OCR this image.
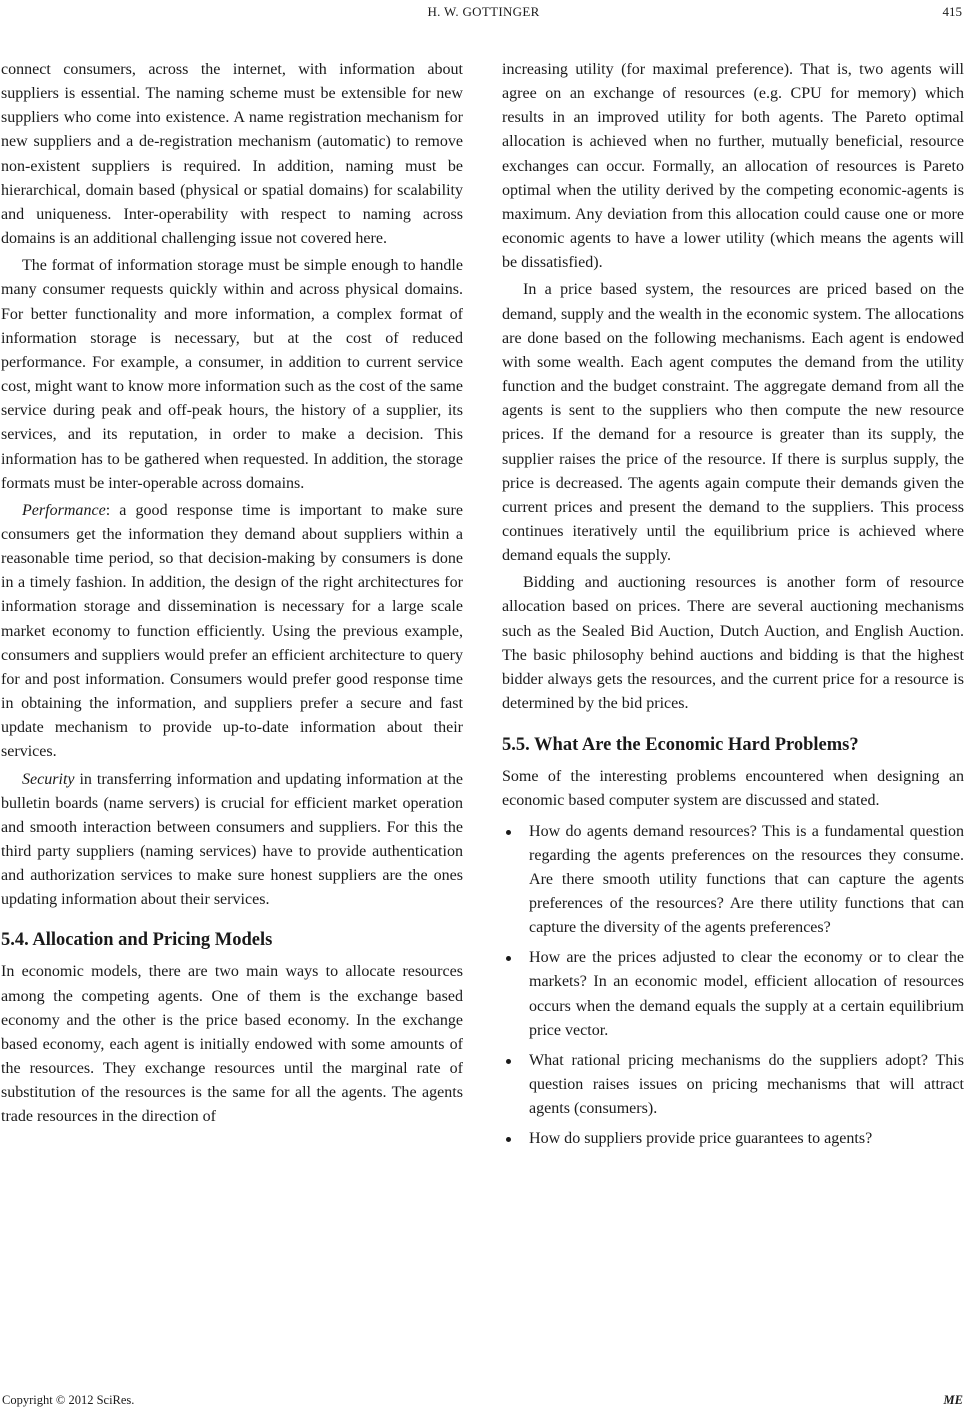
H. W. GOTTINGER	415

connect consumers, across the internet, with information about suppliers is essential. The naming scheme must be extensible for new suppliers who come into existence. A name registration mechanism for new suppliers and a de-registration mechanism (automatic) to remove non-existent suppliers is required. In addition, naming must be hierarchical, domain based (physical or spatial domains) for scalability and uniqueness. Inter-operability with respect to naming across domains is an additional challenging issue not covered here.

The format of information storage must be simple enough to handle many consumer requests quickly within and across physical domains. For better functionality and more information, a complex format of information storage is necessary, but at the cost of reduced performance. For example, a consumer, in addition to current service cost, might want to know more information such as the cost of the same service during peak and off-peak hours, the history of a supplier, its services, and its reputation, in order to make a decision. This information has to be gathered when requested. In addition, the storage formats must be inter-operable across domains.

Performance: a good response time is important to make sure consumers get the information they demand about suppliers within a reasonable time period, so that decision-making by consumers is done in a timely fashion. In addition, the design of the right architectures for information storage and dissemination is necessary for a large scale market economy to function efficiently. Using the previous example, consumers and suppliers would prefer an efficient architecture to query for and post information. Consumers would prefer good response time in obtaining the information, and suppliers prefer a secure and fast update mechanism to provide up-to-date information about their services.

Security in transferring information and updating information at the bulletin boards (name servers) is crucial for efficient market operation and smooth interaction between consumers and suppliers. For this the third party suppliers (naming services) have to provide authentication and authorization services to make sure honest suppliers are the ones updating information about their services.

5.4. Allocation and Pricing Models

In economic models, there are two main ways to allocate resources among the competing agents. One of them is the exchange based economy and the other is the price based economy. In the exchange based economy, each agent is initially endowed with some amounts of the resources. They exchange resources until the marginal rate of substitution of the resources is the same for all the agents. The agents trade resources in the direction of

increasing utility (for maximal preference). That is, two agents will agree on an exchange of resources (e.g. CPU for memory) which results in an improved utility for both agents. The Pareto optimal allocation is achieved when no further, mutually beneficial, resource exchanges can occur. Formally, an allocation of resources is Pareto optimal when the utility derived by the competing economic-agents is maximum. Any deviation from this allocation could cause one or more economic agents to have a lower utility (which means the agents will be dissatisfied).

In a price based system, the resources are priced based on the demand, supply and the wealth in the economic system. The allocations are done based on the following mechanisms. Each agent is endowed with some wealth. Each agent computes the demand from the utility function and the budget constraint. The aggregate demand from all the agents is sent to the suppliers who then compute the new resource prices. If the demand for a resource is greater than its supply, the supplier raises the price of the resource. If there is surplus supply, the price is decreased. The agents again compute their demands given the current prices and present the demand to the suppliers. This process continues iteratively until the equilibrium price is achieved where demand equals the supply.

Bidding and auctioning resources is another form of resource allocation based on prices. There are several auctioning mechanisms such as the Sealed Bid Auction, Dutch Auction, and English Auction. The basic philosophy behind auctions and bidding is that the highest bidder always gets the resources, and the current price for a resource is determined by the bid prices.

5.5. What Are the Economic Hard Problems?

Some of the interesting problems encountered when designing an economic based computer system are discussed and stated.

How do agents demand resources? This is a fundamental question regarding the agents preferences on the resources they consume. Are there smooth utility functions that can capture the agents preferences of the resources? Are there utility functions that can capture the diversity of the agents preferences?
How are the prices adjusted to clear the economy or to clear the markets? In an economic model, efficient allocation of resources occurs when the demand equals the supply at a certain equilibrium price vector.
What rational pricing mechanisms do the suppliers adopt? This question raises issues on pricing mechanisms that will attract agents (consumers).
How do suppliers provide price guarantees to agents?
Copyright © 2012 SciRes.	ME
